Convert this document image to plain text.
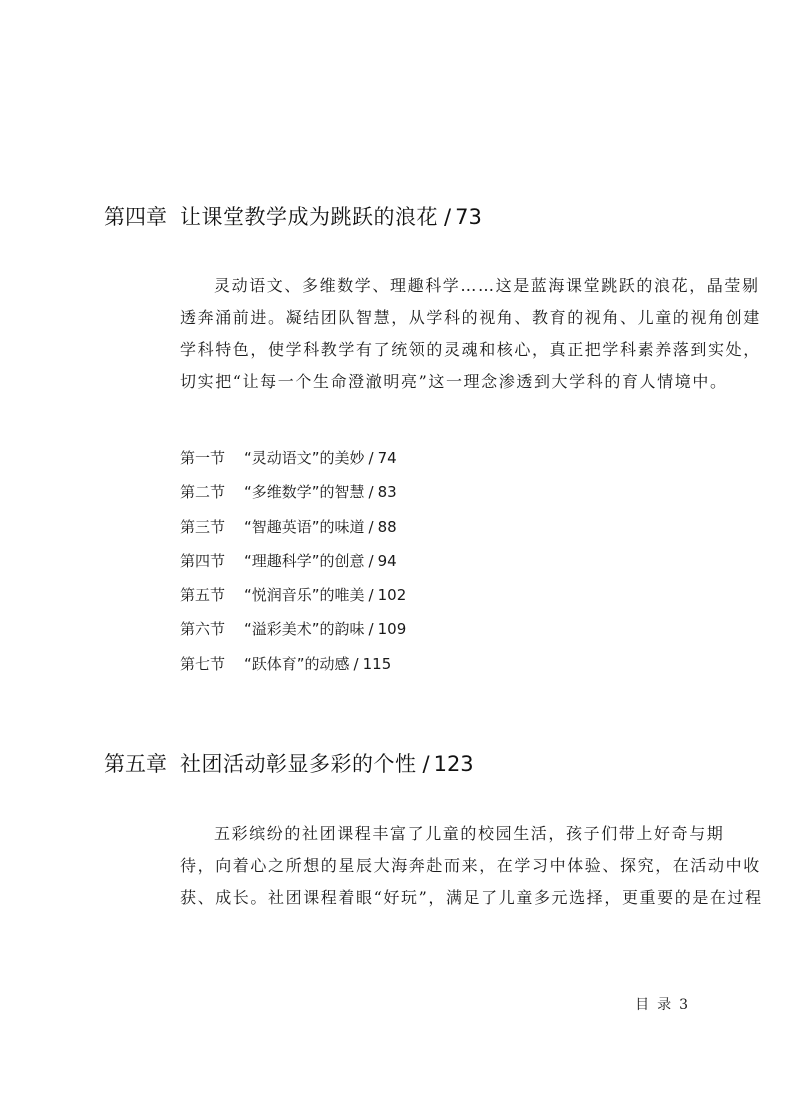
第四章 让课堂教学成为跳跃的浪花 / 73

灵动语文、多维数学、理趣科学……这是蓝海课堂跳跃的浪花，晶莹剔
透奔涌前进。凝结团队智慧，从学科的视角、教育的视角、儿童的视角创建
学科特色，使学科教学有了统领的灵魂和核心，真正把学科素养落到实处，
切实把“让每一个生命澄澈明亮”这一理念渗透到大学科的育人情境中。

第一节 “灵动语文”的美妙 / 74
第二节 “多维数学”的智慧 / 83
第三节 “智趣英语”的味道 / 88
第四节 “理趣科学”的创意 / 94
第五节 “悦润音乐”的唯美 / 102
第六节 “溢彩美术”的韵味 / 109
第七节 “跃体育”的动感 / 115
第五章 社团活动彰显多彩的个性 / 123

五彩缤纷的社团课程丰富了儿童的校园生活，孩子们带上好奇与期
待，向着心之所想的星辰大海奔赴而来，在学习中体验、探究，在活动中收
获、成长。社团课程着眼“好玩”，满足了儿童多元选择，更重要的是在过程

目录3
